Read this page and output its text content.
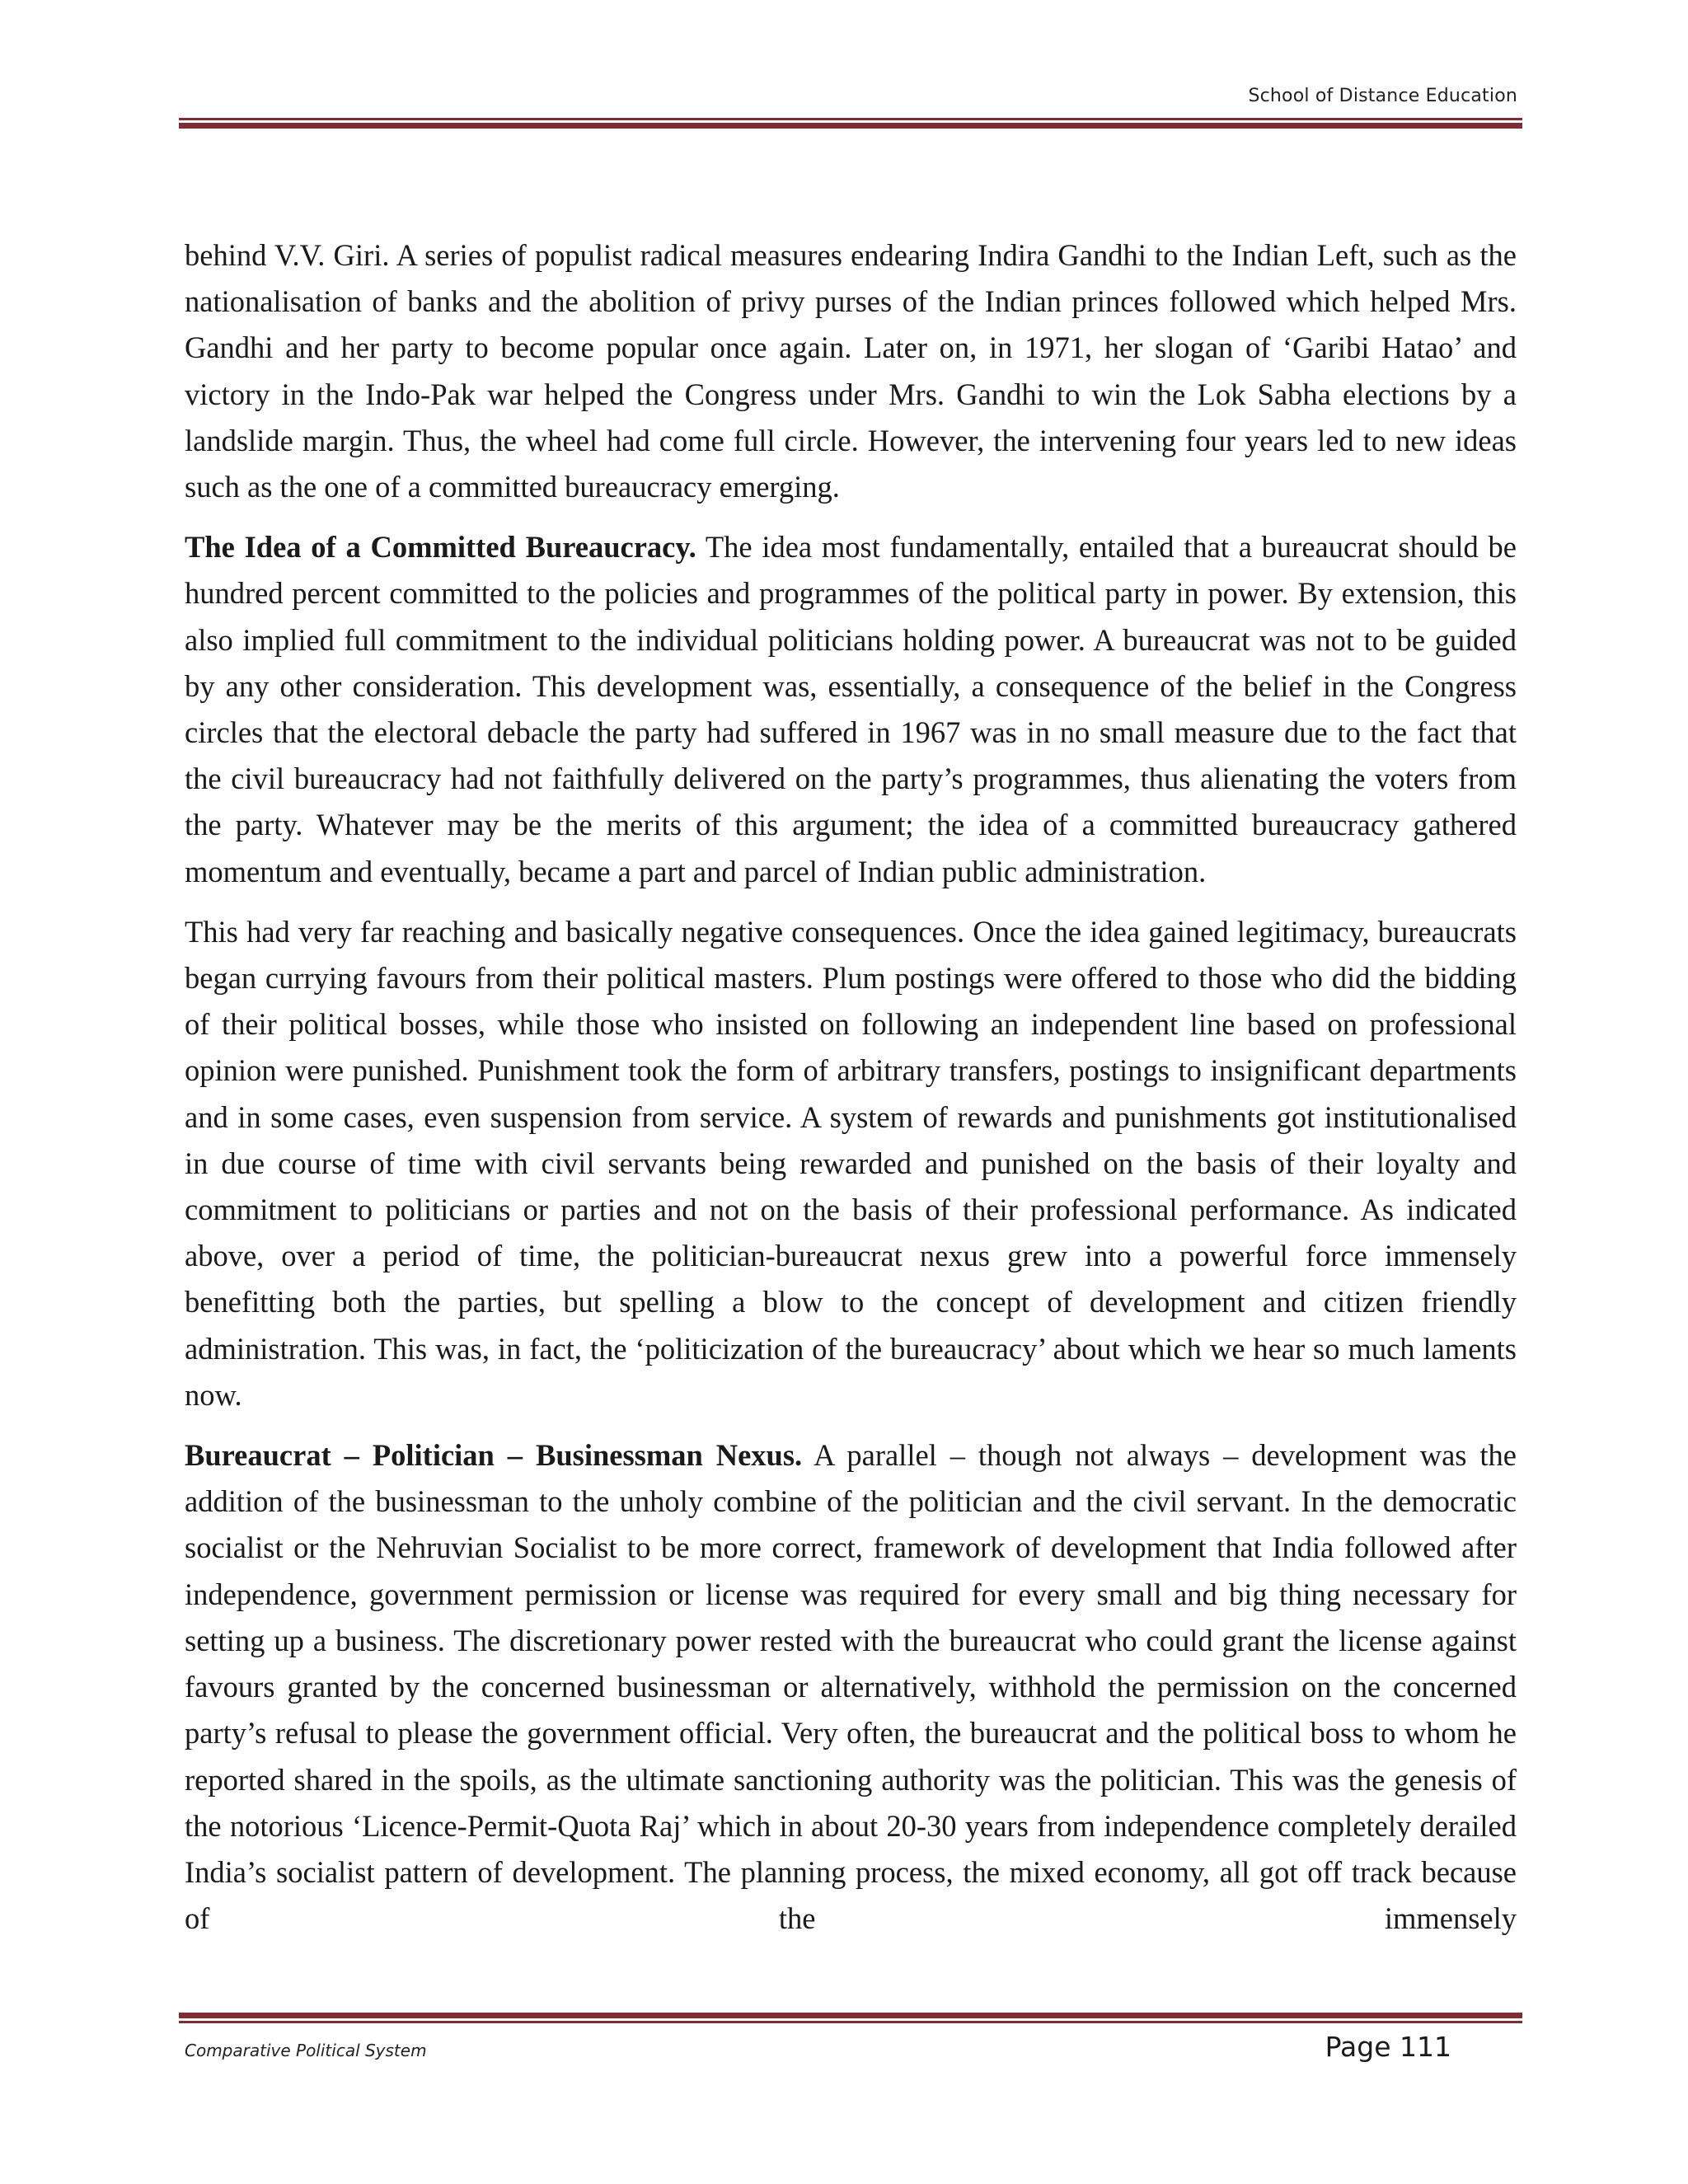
School of Distance Education

behind V.V. Giri. A series of populist radical measures endearing Indira Gandhi to the Indian Left, such as the nationalisation of banks and the abolition of privy purses of the Indian princes followed which helped Mrs. Gandhi and her party to become popular once again. Later on, in 1971, her slogan of ‘Garibi Hatao’ and victory in the Indo-Pak war helped the Congress under Mrs. Gandhi to win the Lok Sabha elections by a landslide margin. Thus, the wheel had come full circle. However, the intervening four years led to new ideas such as the one of a committed bureaucracy emerging.

The Idea of a Committed Bureaucracy. The idea most fundamentally, entailed that a bureaucrat should be hundred percent committed to the policies and programmes of the political party in power. By extension, this also implied full commitment to the individual politicians holding power. A bureaucrat was not to be guided by any other consideration. This development was, essentially, a consequence of the belief in the Congress circles that the electoral debacle the party had suffered in 1967 was in no small measure due to the fact that the civil bureaucracy had not faithfully delivered on the party’s programmes, thus alienating the voters from the party. Whatever may be the merits of this argument; the idea of a committed bureaucracy gathered momentum and eventually, became a part and parcel of Indian public administration.

This had very far reaching and basically negative consequences. Once the idea gained legitimacy, bureaucrats began currying favours from their political masters. Plum postings were offered to those who did the bidding of their political bosses, while those who insisted on following an independent line based on professional opinion were punished. Punishment took the form of arbitrary transfers, postings to insignificant departments and in some cases, even suspension from service. A system of rewards and punishments got institutionalised in due course of time with civil servants being rewarded and punished on the basis of their loyalty and commitment to politicians or parties and not on the basis of their professional performance. As indicated above, over a period of time, the politician-bureaucrat nexus grew into a powerful force immensely benefitting both the parties, but spelling a blow to the concept of development and citizen friendly administration. This was, in fact, the ‘politicization of the bureaucracy’ about which we hear so much laments now.

Bureaucrat – Politician – Businessman Nexus. A parallel – though not always – development was the addition of the businessman to the unholy combine of the politician and the civil servant. In the democratic socialist or the Nehruvian Socialist to be more correct, framework of development that India followed after independence, government permission or license was required for every small and big thing necessary for setting up a business. The discretionary power rested with the bureaucrat who could grant the license against favours granted by the concerned businessman or alternatively, withhold the permission on the concerned party’s refusal to please the government official. Very often, the bureaucrat and the political boss to whom he reported shared in the spoils, as the ultimate sanctioning authority was the politician. This was the genesis of the notorious ‘Licence-Permit-Quota Raj’ which in about 20-30 years from independence completely derailed India’s socialist pattern of development. The planning process, the mixed economy, all got off track because of the immensely

Comparative Political System	Page 111
